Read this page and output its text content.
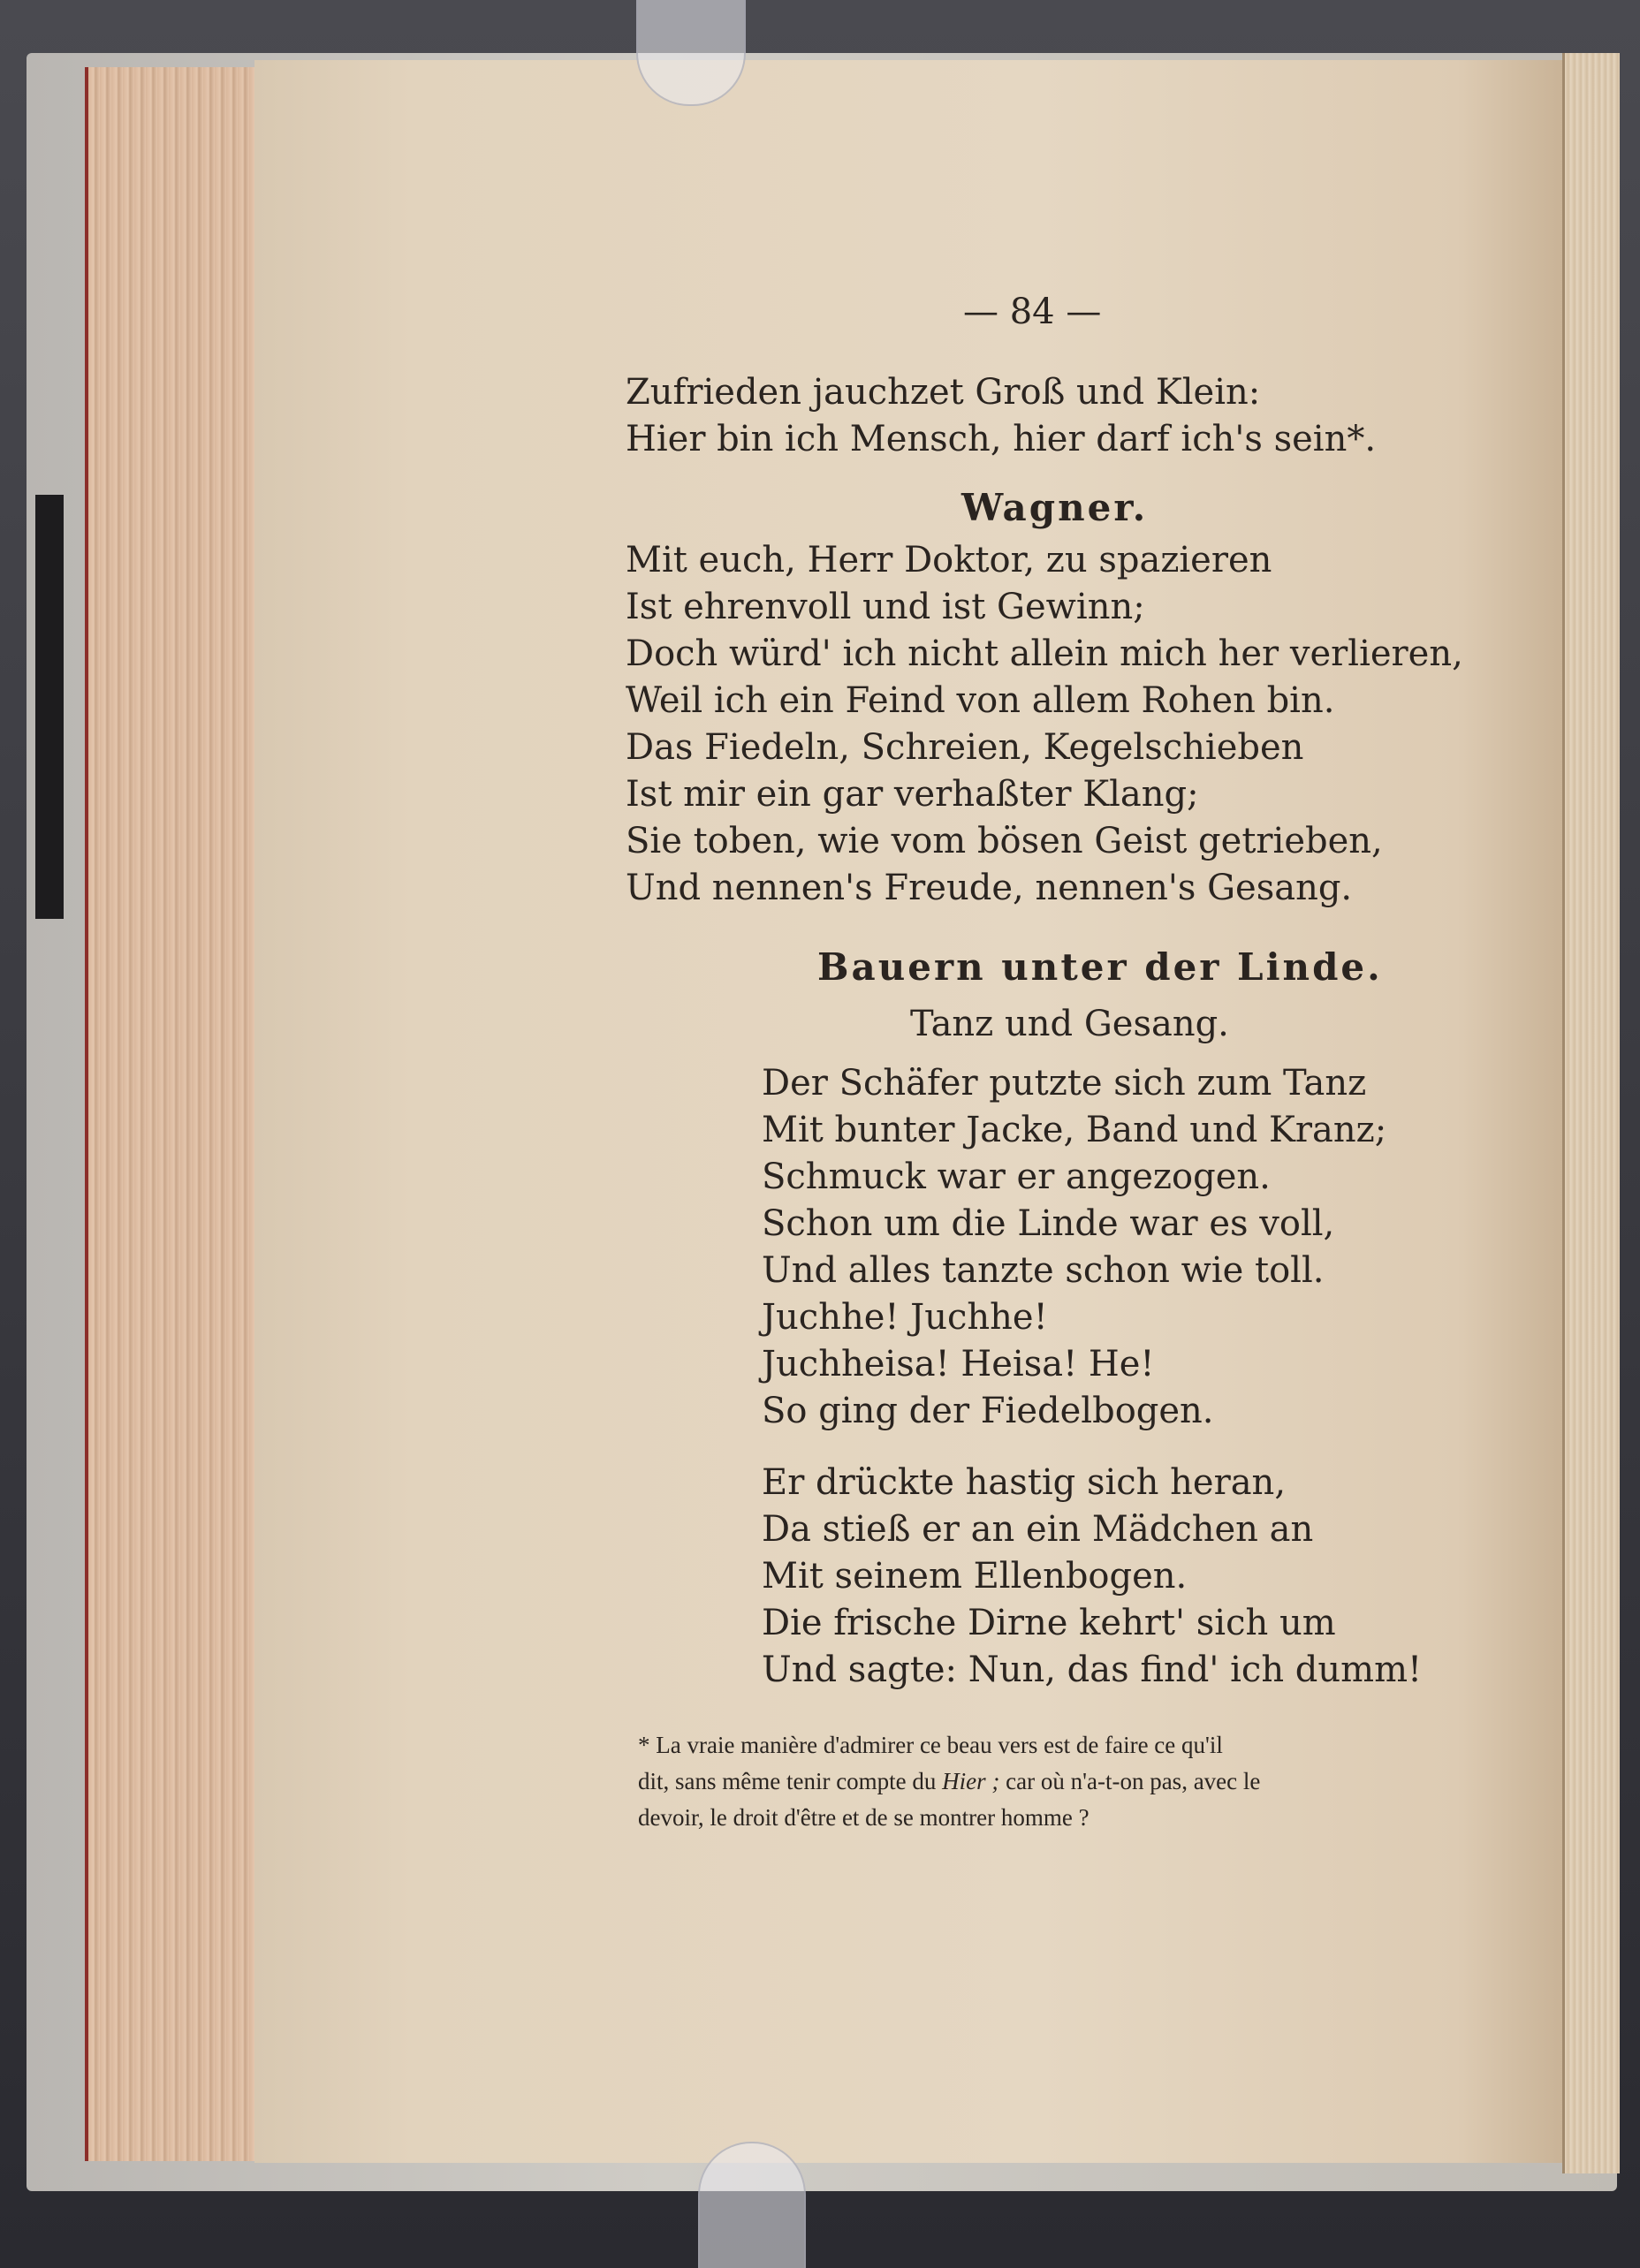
— 84 —
Zufrieden jauchzet Groß und Klein:
Hier bin ich Mensch, hier darf ich's sein*.
Wagner.
Mit euch, Herr Doktor, zu spazieren
Ist ehrenvoll und ist Gewinn;
Doch würd' ich nicht allein mich her verlieren,
Weil ich ein Feind von allem Rohen bin.
Das Fiedeln, Schreien, Kegelschieben
Ist mir ein gar verhaßter Klang;
Sie toben, wie vom bösen Geist getrieben,
Und nennen's Freude, nennen's Gesang.
Bauern unter der Linde.
Tanz und Gesang.
Der Schäfer putzte sich zum Tanz
Mit bunter Jacke, Band und Kranz;
Schmuck war er angezogen.
Schon um die Linde war es voll,
Und alles tanzte schon wie toll.
Juchhe! Juchhe!
Juchheisa! Heisa! He!
So ging der Fiedelbogen.
Er drückte hastig sich heran,
Da stieß er an ein Mädchen an
Mit seinem Ellenbogen.
Die frische Dirne kehrt' sich um
Und sagte: Nun, das find' ich dumm!
* La vraie manière d'admirer ce beau vers est de faire ce qu'il
dit, sans même tenir compte du Hier ; car où n'a-t-on pas, avec le
devoir, le droit d'être et de se montrer homme ?
